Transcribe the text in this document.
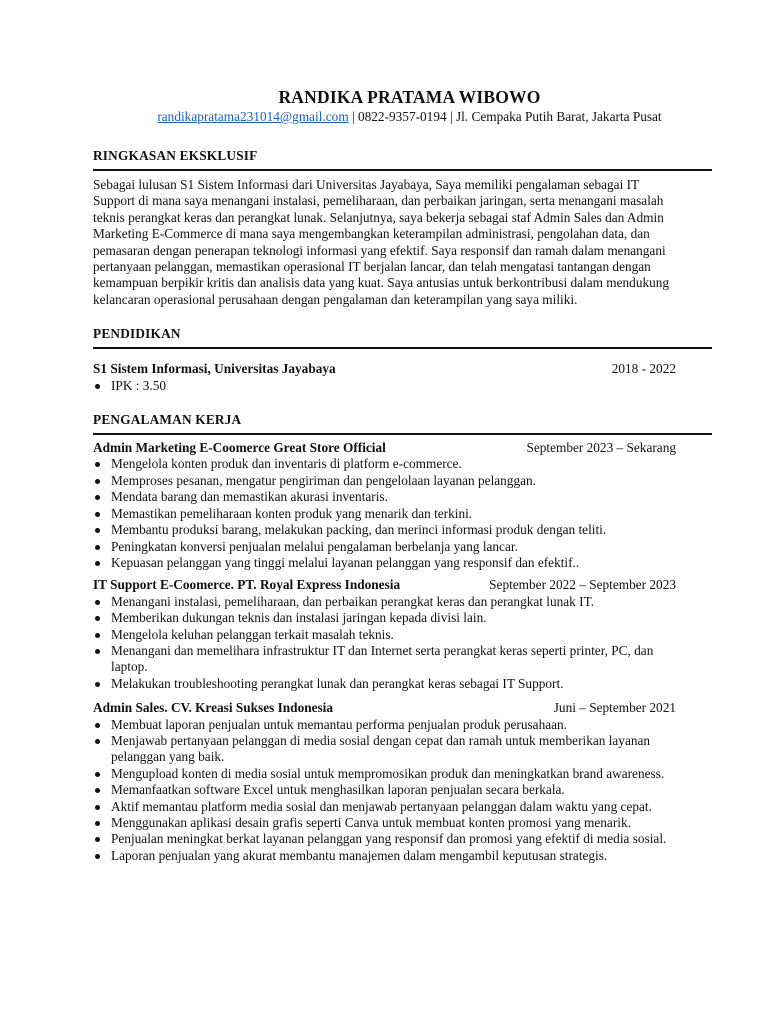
RANDIKA PRATAMA WIBOWO
randikapratama231014@gmail.com | 0822-9357-0194 | Jl. Cempaka Putih Barat, Jakarta Pusat
RINGKASAN EKSKLUSIF
Sebagai lulusan S1 Sistem Informasi dari Universitas Jayabaya, Saya memiliki pengalaman sebagai IT Support di mana saya menangani instalasi, pemeliharaan, dan perbaikan jaringan, serta menangani masalah teknis perangkat keras dan perangkat lunak. Selanjutnya, saya bekerja sebagai staf Admin Sales dan Admin Marketing E-Commerce di mana saya mengembangkan keterampilan administrasi, pengolahan data, dan pemasaran dengan penerapan teknologi informasi yang efektif. Saya responsif dan ramah dalam menangani pertanyaan pelanggan, memastikan operasional IT berjalan lancar, dan telah mengatasi tantangan dengan kemampuan berpikir kritis dan analisis data yang kuat. Saya antusias untuk berkontribusi dalam mendukung kelancaran operasional perusahaan dengan pengalaman dan keterampilan yang saya miliki.
PENDIDIKAN
S1 Sistem Informasi, Universitas Jayabaya	2018 - 2022
IPK : 3.50
PENGALAMAN KERJA
Admin Marketing E-Coomerce Great Store Official	September 2023 – Sekarang
Mengelola konten produk dan inventaris di platform e-commerce.
Memproses pesanan, mengatur pengiriman dan pengelolaan layanan pelanggan.
Mendata barang dan memastikan akurasi inventaris.
Memastikan pemeliharaan konten produk yang menarik dan terkini.
Membantu produksi barang, melakukan packing, dan merinci informasi produk dengan teliti.
Peningkatan konversi penjualan melalui pengalaman berbelanja yang lancar.
Kepuasan pelanggan yang tinggi melalui layanan pelanggan yang responsif dan efektif..
IT Support E-Coomerce. PT. Royal Express Indonesia	September 2022 – September 2023
Menangani instalasi, pemeliharaan, dan perbaikan perangkat keras dan perangkat lunak IT.
Memberikan dukungan teknis dan instalasi jaringan kepada divisi lain.
Mengelola keluhan pelanggan terkait masalah teknis.
Menangani dan memelihara infrastruktur IT dan Internet serta perangkat keras seperti printer, PC, dan laptop.
Melakukan troubleshooting perangkat lunak dan perangkat keras sebagai IT Support.
Admin Sales. CV. Kreasi Sukses Indonesia	Juni – September 2021
Membuat laporan penjualan untuk memantau performa penjualan produk perusahaan.
Menjawab pertanyaan pelanggan di media sosial dengan cepat dan ramah untuk memberikan layanan pelanggan yang baik.
Mengupload konten di media sosial untuk mempromosikan produk dan meningkatkan brand awareness.
Memanfaatkan software Excel untuk menghasilkan laporan penjualan secara berkala.
Aktif memantau platform media sosial dan menjawab pertanyaan pelanggan dalam waktu yang cepat.
Menggunakan aplikasi desain grafis seperti Canva untuk membuat konten promosi yang menarik.
Penjualan meningkat berkat layanan pelanggan yang responsif dan promosi yang efektif di media sosial.
Laporan penjualan yang akurat membantu manajemen dalam mengambil keputusan strategis.
